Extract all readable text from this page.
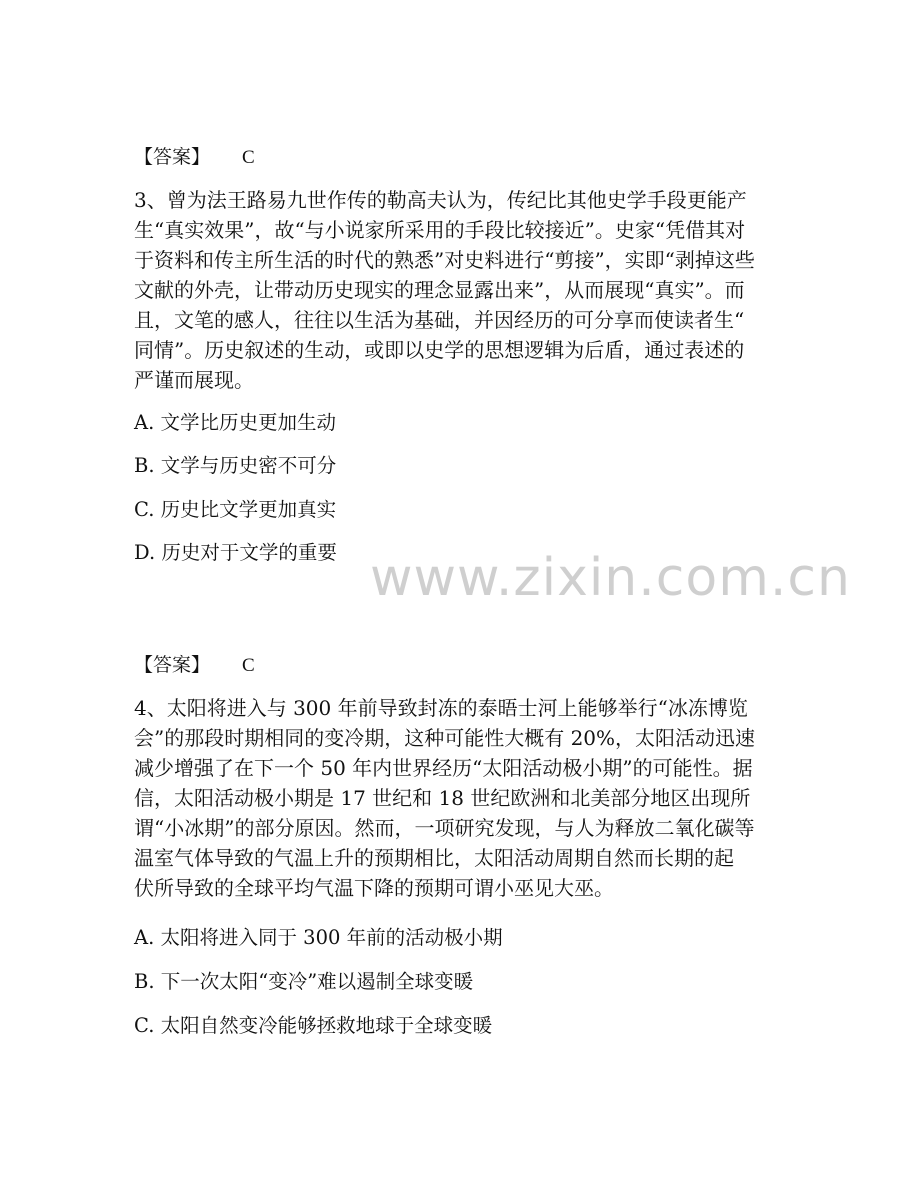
【答案】 C
3、曾为法王路易九世作传的勒高夫认为，传纪比其他史学手段更能产
生“真实效果”，故“与小说家所采用的手段比较接近”。史家“凭借其对
于资料和传主所生活的时代的熟悉”对史料进行“剪接”，实即“剥掉这些
文献的外壳，让带动历史现实的理念显露出来”，从而展现“真实”。而
且，文笔的感人，往往以生活为基础，并因经历的可分享而使读者生“
同情”。历史叙述的生动，或即以史学的思想逻辑为后盾，通过表述的
严谨而展现。
A. 文学比历史更加生动
B. 文学与历史密不可分
C. 历史比文学更加真实
D. 历史对于文学的重要
【答案】 C
4、太阳将进入与 300 年前导致封冻的泰晤士河上能够举行“冰冻博览
会”的那段时期相同的变冷期，这种可能性大概有 20%，太阳活动迅速
减少增强了在下一个 50 年内世界经历“太阳活动极小期”的可能性。据
信，太阳活动极小期是 17 世纪和 18 世纪欧洲和北美部分地区出现所
谓“小冰期”的部分原因。然而，一项研究发现，与人为释放二氧化碳等
温室气体导致的气温上升的预期相比，太阳活动周期自然而长期的起
伏所导致的全球平均气温下降的预期可谓小巫见大巫。
A. 太阳将进入同于 300 年前的活动极小期
B. 下一次太阳“变冷”难以遏制全球变暖
C. 太阳自然变冷能够拯救地球于全球变暖
www.zixin.com.cn
